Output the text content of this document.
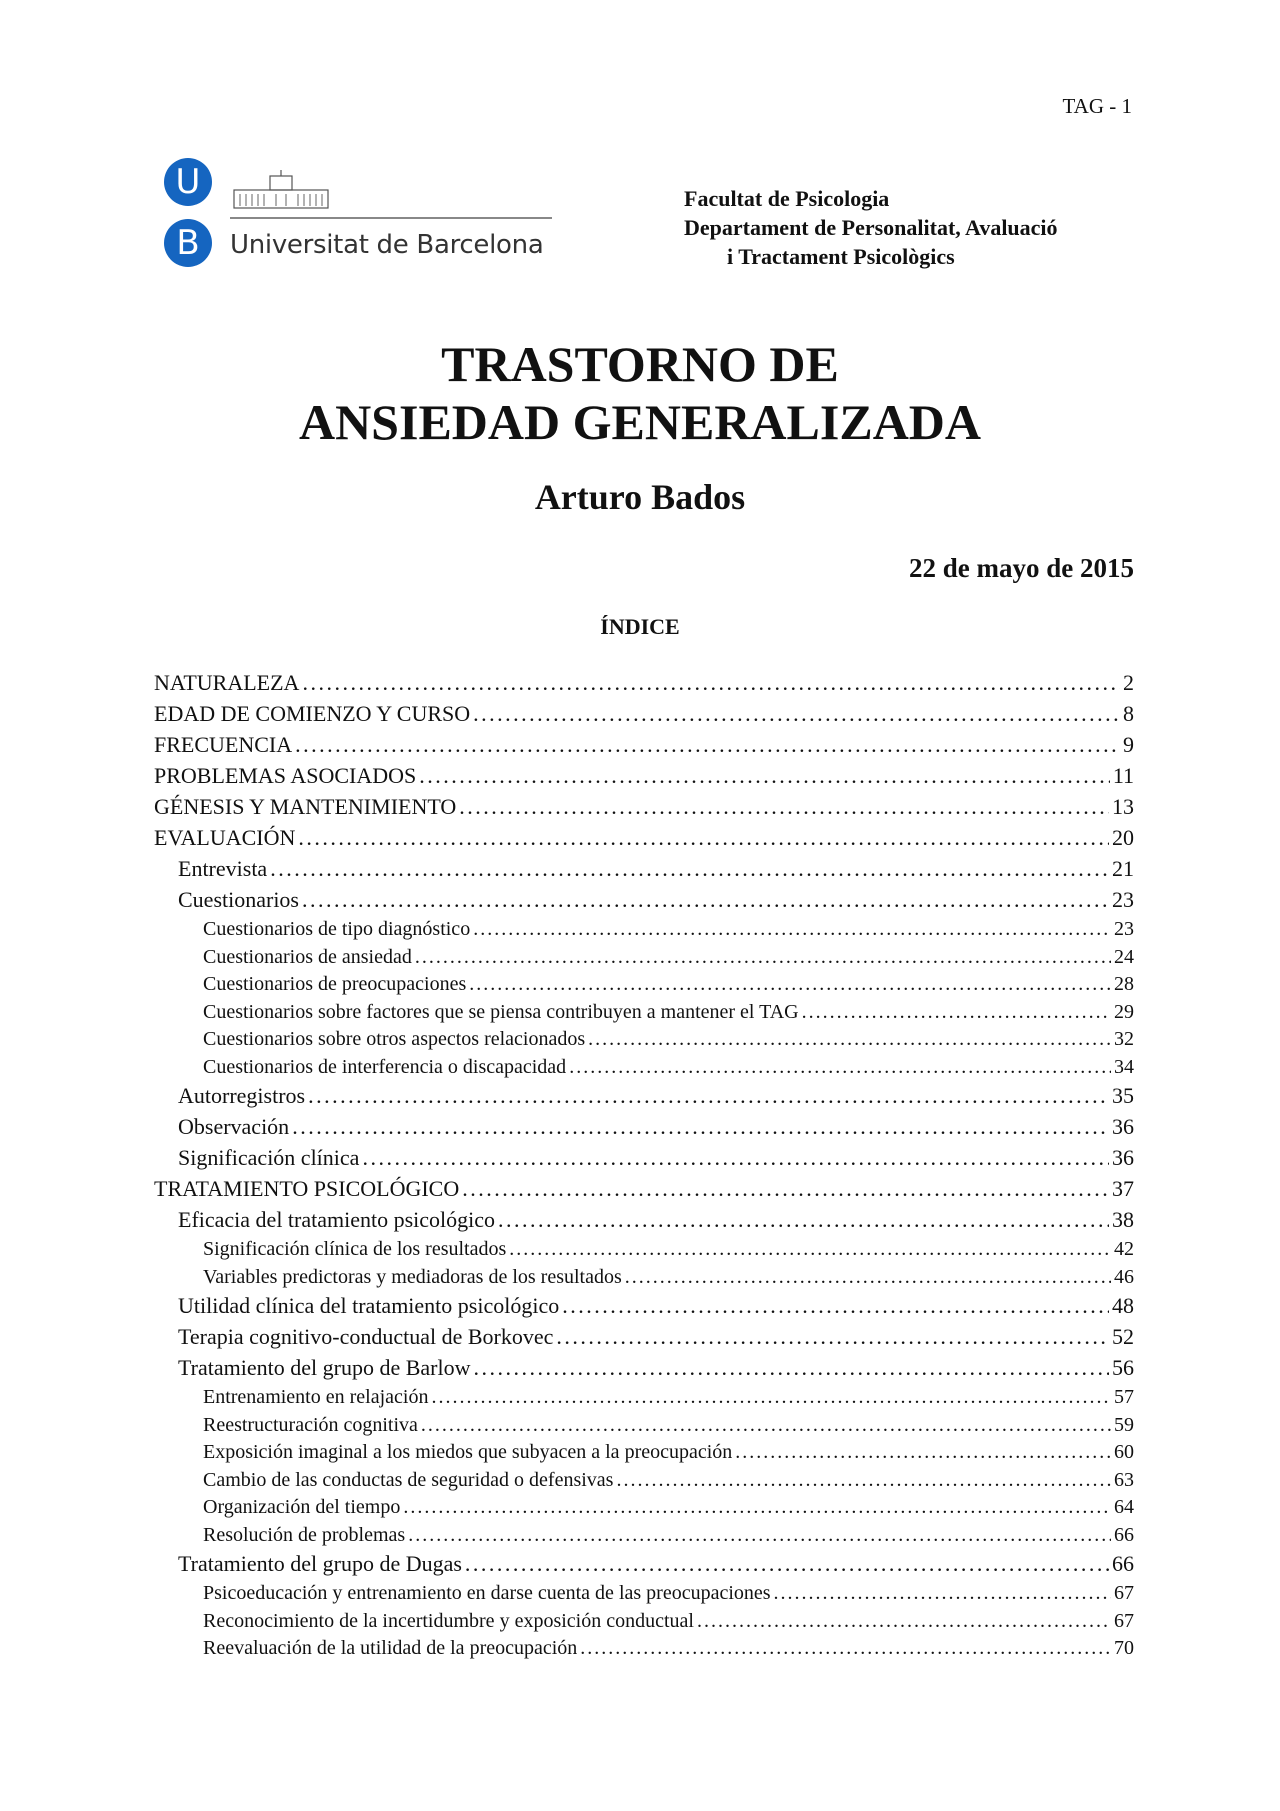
TAG - 1
U
B	Universitat de Barcelona
Facultat de Psicologia
Departament de Personalitat, Avaluació
i Tractament Psicològics
TRASTORNO DE
ANSIEDAD GENERALIZADA
Arturo Bados
22 de mayo de 2015
ÍNDICE
NATURALEZA . . .	2
EDAD DE COMIENZO Y CURSO . . .	8
FRECUENCIA . . .	9
PROBLEMAS ASOCIADOS . . .	11
GÉNESIS Y MANTENIMIENTO . . .	13
EVALUACIÓN . . .	20
Entrevista . . .	21
Cuestionarios . . .	23
Cuestionarios de tipo diagnóstico . . .	23
Cuestionarios de ansiedad . . .	24
Cuestionarios de preocupaciones . . .	28
Cuestionarios sobre factores que se piensa contribuyen a mantener el TAG . . .	29
Cuestionarios sobre otros aspectos relacionados . . .	32
Cuestionarios de interferencia o discapacidad . . .	34
Autorregistros . . .	35
Observación . . .	36
Significación clínica . . .	36
TRATAMIENTO PSICOLÓGICO . . .	37
Eficacia del tratamiento psicológico . . .	38
Significación clínica de los resultados . . .	42
Variables predictoras y mediadoras de los resultados . . .	46
Utilidad clínica del tratamiento psicológico . . .	48
Terapia cognitivo-conductual de Borkovec . . .	52
Tratamiento del grupo de Barlow . . .	56
Entrenamiento en relajación . . .	57
Reestructuración cognitiva . . .	59
Exposición imaginal a los miedos que subyacen a la preocupación . . .	60
Cambio de las conductas de seguridad o defensivas . . .	63
Organización del tiempo . . .	64
Resolución de problemas . . .	66
Tratamiento del grupo de Dugas . . .	66
Psicoeducación y entrenamiento en darse cuenta de las preocupaciones . . .	67
Reconocimiento de la incertidumbre y exposición conductual . . .	67
Reevaluación de la utilidad de la preocupación . . .	70
